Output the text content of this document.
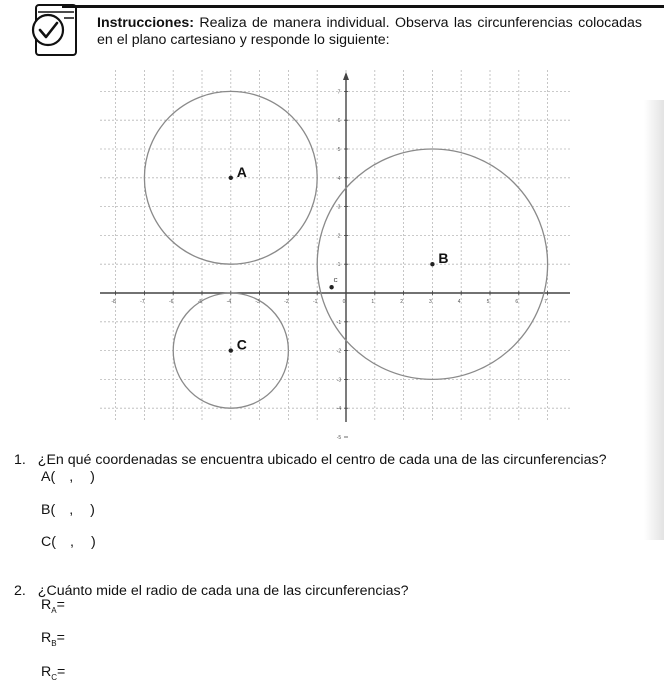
Instrucciones: Realiza de manera individual. Observa las circunferencias colocadas en el plano cartesiano y responde lo siguiente:
-8	-7	-6	-5	-4	-3	-2	-1	0	1	2	3	4	5	6	7
7
6
5
4
3
2
1
-1
-2
-3
-4
-5
A
B
C
C
1. ¿En qué coordenadas se encuentra ubicado el centro de cada una de las circunferencias?
A( , )
B( , )
C( , )
2. ¿Cuánto mide el radio de cada una de las circunferencias?
$R_A=$
$R_B=$
$R_C=$
